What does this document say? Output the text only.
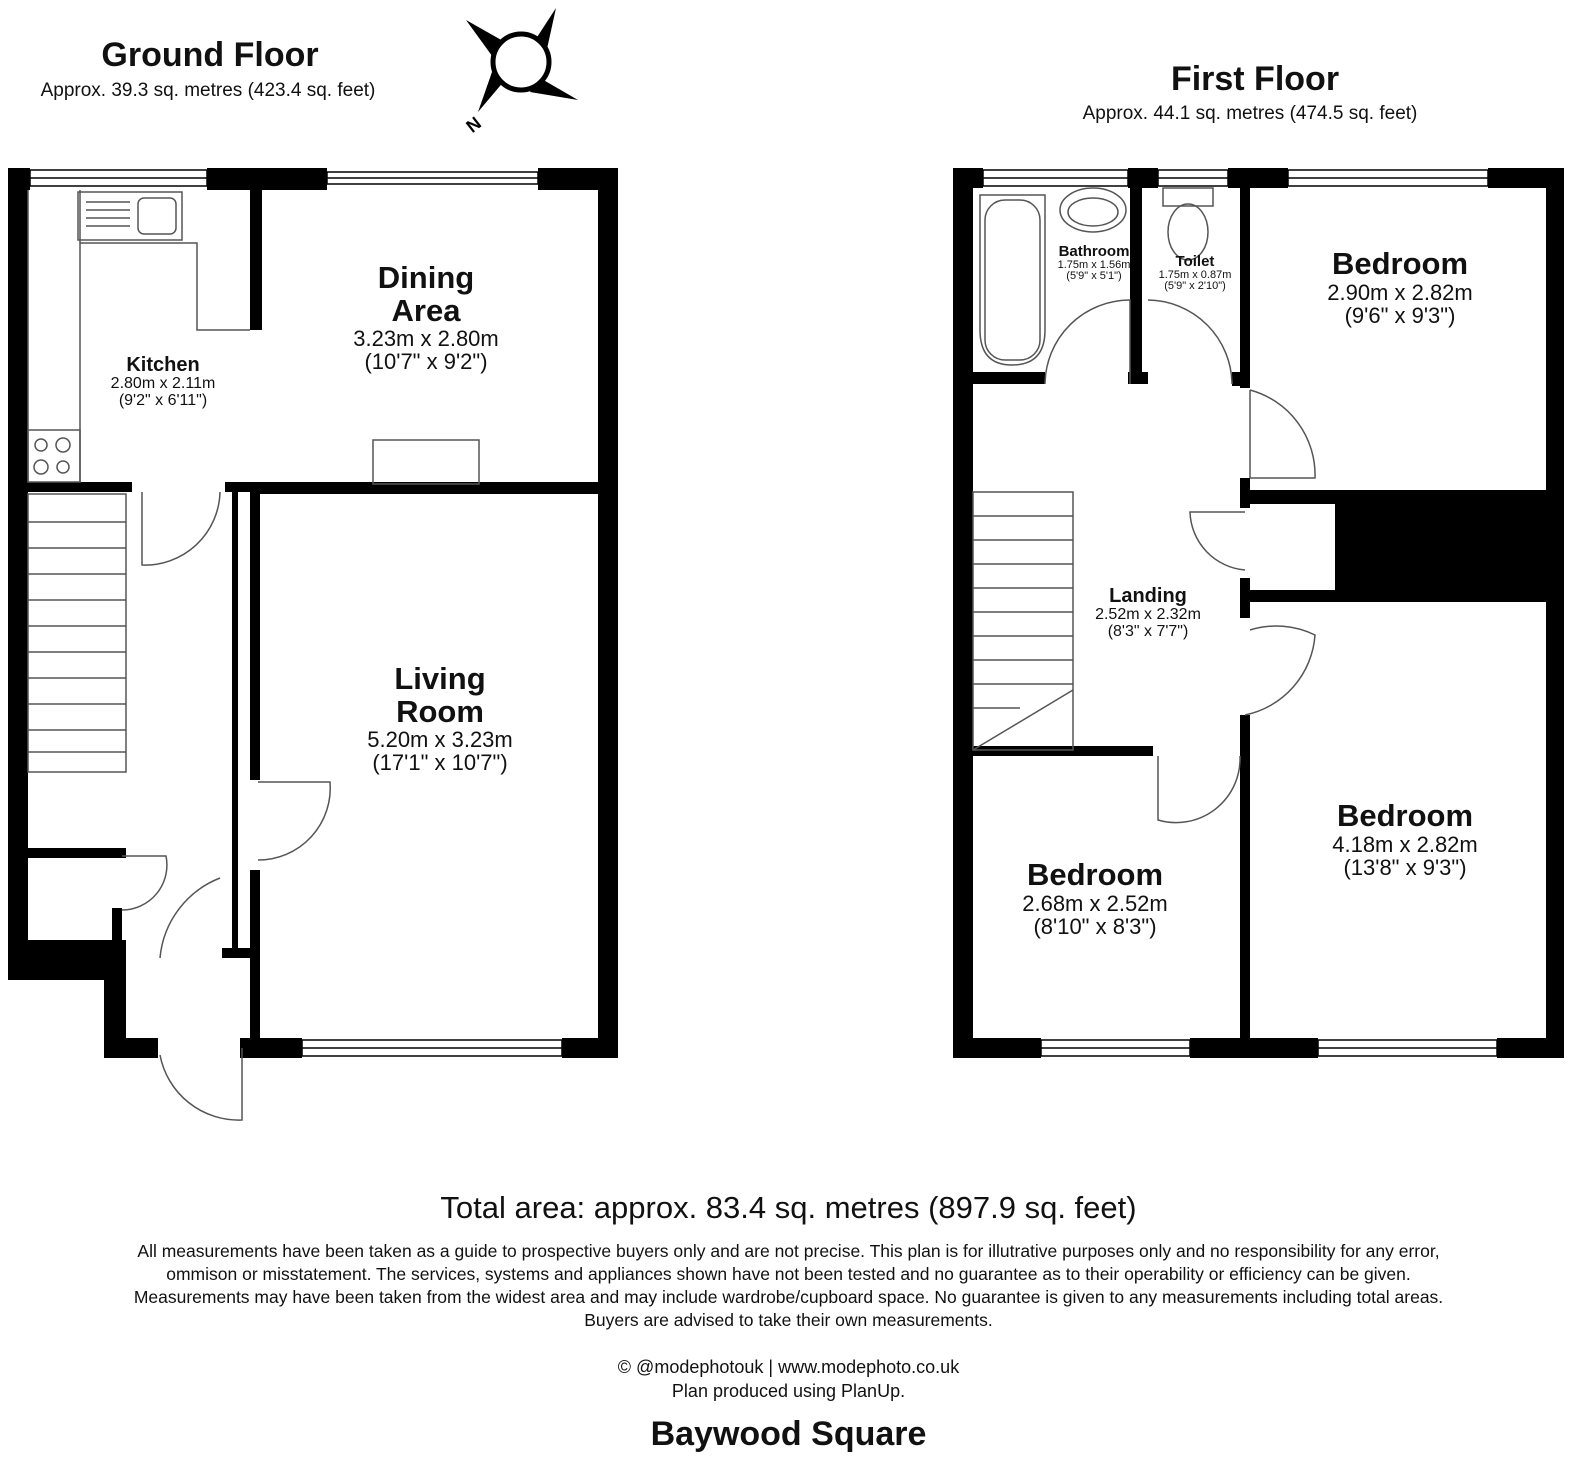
Ground Floor
Approx. 39.3 sq. metres (423.4 sq. feet)	First Floor
Approx. 44.1 sq. metres (474.5 sq. feet)
N
Kitchen
2.80m x 2.11m
(9'2" x 6'11")
Dining
Area
3.23m x 2.80m
(10'7" x 9'2")
Living
Room
5.20m x 3.23m
(17'1" x 10'7")
Bathroom
1.75m x 1.56m
(5'9" x 5'1")
Toilet
1.75m x 0.87m
(5'9" x 2'10")
Bedroom
2.90m x 2.82m
(9'6" x 9'3")
Landing
2.52m x 2.32m
(8'3" x 7'7")
Bedroom
2.68m x 2.52m
(8'10" x 8'3")
Bedroom
4.18m x 2.82m
(13'8" x 9'3")
Total area: approx. 83.4 sq. metres (897.9 sq. feet)
All measurements have been taken as a guide to prospective buyers only and are not precise. This plan is for illutrative purposes only and no responsibility for any error, ommison or misstatement. The services, systems and appliances shown have not been tested and no guarantee as to their operability or efficiency can be given. Measurements may have been taken from the widest area and may include wardrobe/cupboard space. No guarantee is given to any measurements including total areas. Buyers are advised to take their own measurements.
© @modephotouk | www.modephoto.co.uk
Plan produced using PlanUp.
Baywood Square
